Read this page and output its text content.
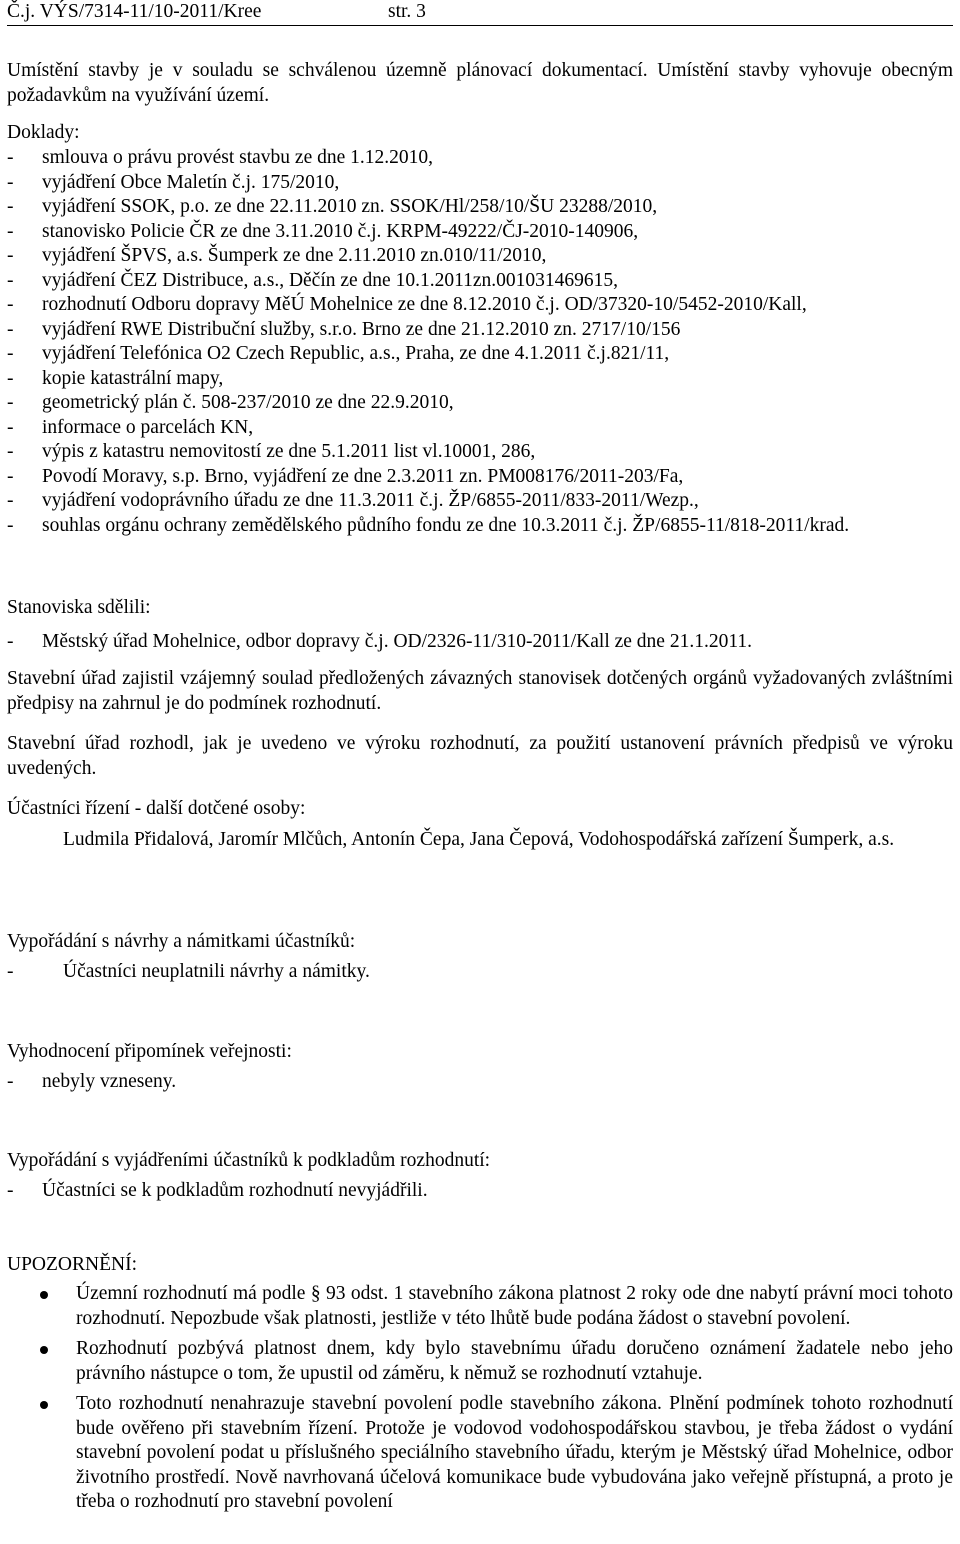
Č.j. VÝS/7314-11/10-2011/Kree	str. 3
Umístění stavby je v souladu se schválenou územně plánovací dokumentací. Umístění stavby vyhovuje obecným požadavkům na využívání území.
Doklady:
- smlouva o právu provést stavbu ze dne 1.12.2010,
- vyjádření Obce Maletín č.j. 175/2010,
- vyjádření SSOK, p.o. ze dne 22.11.2010 zn. SSOK/Hl/258/10/ŠU 23288/2010,
- stanovisko Policie ČR ze dne 3.11.2010 č.j. KRPM-49222/ČJ-2010-140906,
- vyjádření ŠPVS, a.s. Šumperk ze dne 2.11.2010 zn.010/11/2010,
- vyjádření ČEZ Distribuce, a.s., Děčín ze dne 10.1.2011zn.001031469615,
- rozhodnutí Odboru dopravy MěÚ Mohelnice ze dne 8.12.2010 č.j. OD/37320-10/5452-2010/Kall,
- vyjádření RWE Distribuční služby, s.r.o. Brno ze dne 21.12.2010 zn. 2717/10/156
- vyjádření Telefónica O2 Czech Republic, a.s., Praha, ze dne 4.1.2011 č.j.821/11,
- kopie katastrální mapy,
- geometrický plán č. 508-237/2010 ze dne 22.9.2010,
- informace o parcelách KN,
- výpis z katastru nemovitostí ze dne 5.1.2011 list vl.10001, 286,
- Povodí Moravy, s.p. Brno, vyjádření ze dne 2.3.2011 zn. PM008176/2011-203/Fa,
- vyjádření vodoprávního úřadu ze dne 11.3.2011 č.j. ŽP/6855-2011/833-2011/Wezp.,
- souhlas orgánu ochrany zemědělského půdního fondu ze dne 10.3.2011 č.j. ŽP/6855-11/818-2011/krad.
Stanoviska sdělili:
- Městský úřad Mohelnice, odbor dopravy č.j. OD/2326-11/310-2011/Kall ze dne 21.1.2011.
Stavební úřad zajistil vzájemný soulad předložených závazných stanovisek dotčených orgánů vyžadovaných zvláštními předpisy na zahrnul je do podmínek rozhodnutí.
Stavební úřad rozhodl, jak je uvedeno ve výroku rozhodnutí, za použití ustanovení právních předpisů ve výroku uvedených.
Účastníci řízení - další dotčené osoby:
Ludmila Přidalová, Jaromír Mlčůch, Antonín Čepa, Jana Čepová, Vodohospodářská zařízení Šumperk, a.s.
Vypořádání s návrhy a námitkami účastníků:
-	Účastníci neuplatnili návrhy a námitky.
Vyhodnocení připomínek veřejnosti:
- nebyly vzneseny.
Vypořádání s vyjádřeními účastníků k podkladům rozhodnutí:
- Účastníci se k podkladům rozhodnutí nevyjádřili.
UPOZORNĚNÍ:
Územní rozhodnutí má podle § 93 odst. 1 stavebního zákona platnost 2 roky ode dne nabytí právní moci tohoto rozhodnutí. Nepozbude však platnosti, jestliže v této lhůtě bude podána žádost o stavební povolení.
Rozhodnutí pozbývá platnost dnem, kdy bylo stavebnímu úřadu doručeno oznámení žadatele nebo jeho právního nástupce o tom, že upustil od záměru, k němuž se rozhodnutí vztahuje.
Toto rozhodnutí nenahrazuje stavební povolení podle stavebního zákona. Plnění podmínek tohoto rozhodnutí bude ověřeno při stavebním řízení. Protože je vodovod vodohospodářskou stavbou, je třeba žádost o vydání stavební povolení podat u příslušného speciálního stavebního úřadu, kterým je Městský úřad Mohelnice, odbor životního prostředí. Nově navrhovaná účelová komunikace bude vybudována jako veřejně přístupná, a proto je třeba o rozhodnutí pro stavební povolení
